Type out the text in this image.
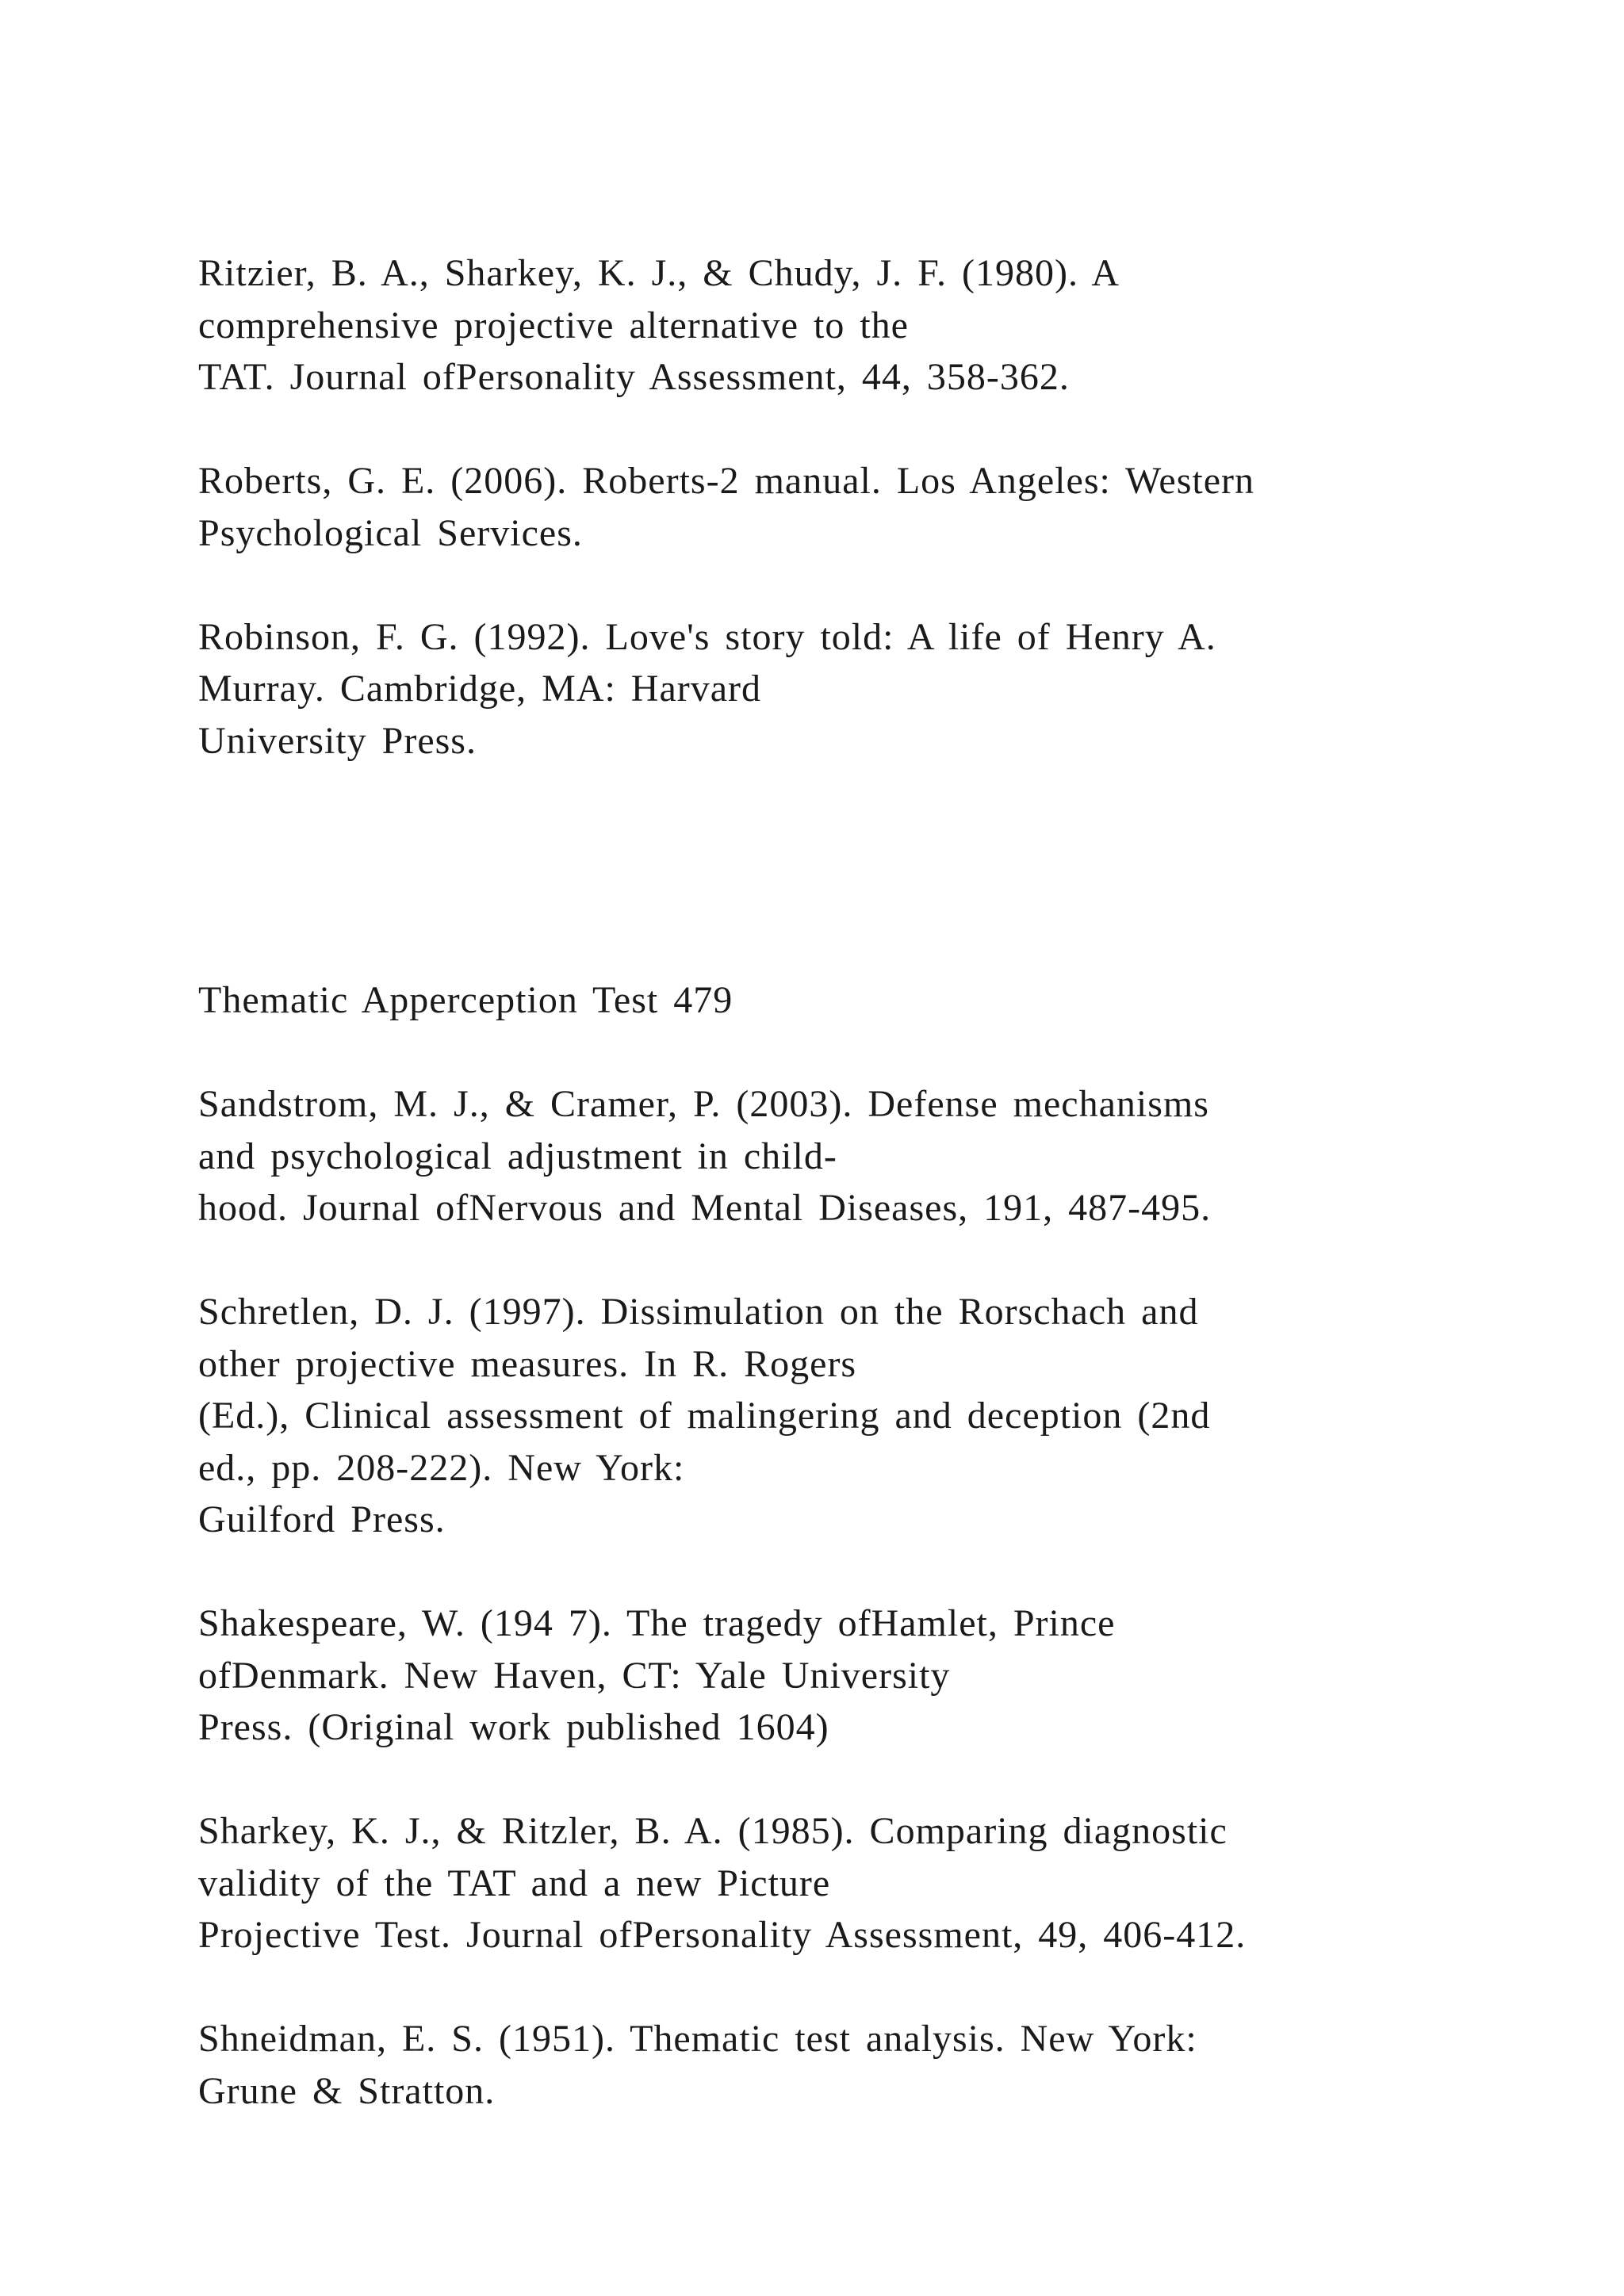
Ritzier, B. A., Sharkey, K. J., & Chudy, J. F. (1980). A
comprehensive projective alternative to the
TAT. Journal ofPersonality Assessment, 44, 358-362.
Roberts, G. E. (2006). Roberts-2 manual. Los Angeles: Western
Psychological Services.
Robinson, F. G. (1992). Love's story told: A life of Henry A.
Murray. Cambridge, MA: Harvard
University Press.
Thematic Apperception Test 479
Sandstrom, M. J., & Cramer, P. (2003). Defense mechanisms
and psychological adjustment in child-
hood. Journal ofNervous and Mental Diseases, 191, 487-495.
Schretlen, D. J. (1997). Dissimulation on the Rorschach and
other projective measures. In R. Rogers
(Ed.), Clinical assessment of malingering and deception (2nd
ed., pp. 208-222). New York:
Guilford Press.
Shakespeare, W. (194 7). The tragedy ofHamlet, Prince
ofDenmark. New Haven, CT: Yale University
Press. (Original work published 1604)
Sharkey, K. J., & Ritzler, B. A. (1985). Comparing diagnostic
validity of the TAT and a new Picture
Projective Test. Journal ofPersonality Assessment, 49, 406-412.
Shneidman, E. S. (1951). Thematic test analysis. New York:
Grune & Stratton.
